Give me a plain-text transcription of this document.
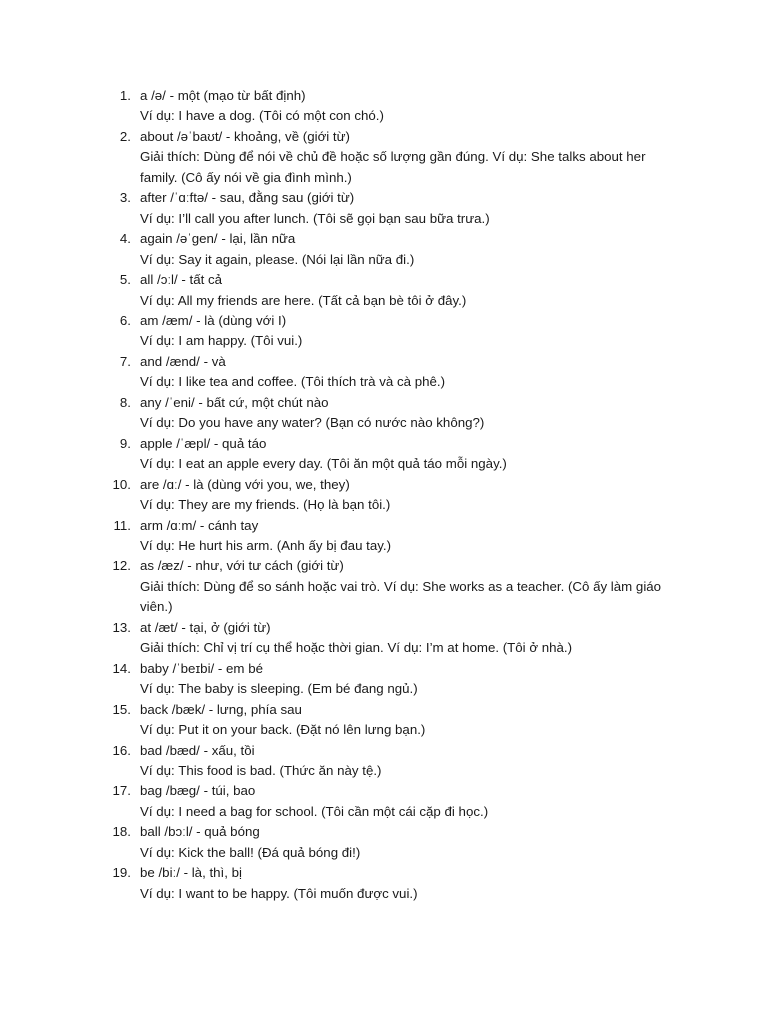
1. a /ə/ - một (mạo từ bất định)
Ví dụ: I have a dog. (Tôi có một con chó.)
2. about /əˈbaʊt/ - khoảng, về (giới từ)
Giải thích: Dùng để nói về chủ đề hoặc số lượng gần đúng. Ví dụ: She talks about her family. (Cô ấy nói về gia đình mình.)
3. after /ˈɑːftə/ - sau, đằng sau (giới từ)
Ví dụ: I’ll call you after lunch. (Tôi sẽ gọi bạn sau bữa trưa.)
4. again /əˈgen/ - lại, lần nữa
Ví dụ: Say it again, please. (Nói lại lần nữa đi.)
5. all /ɔːl/ - tất cả
Ví dụ: All my friends are here. (Tất cả bạn bè tôi ở đây.)
6. am /æm/ - là (dùng với I)
Ví dụ: I am happy. (Tôi vui.)
7. and /ænd/ - và
Ví dụ: I like tea and coffee. (Tôi thích trà và cà phê.)
8. any /ˈeni/ - bất cứ, một chút nào
Ví dụ: Do you have any water? (Bạn có nước nào không?)
9. apple /ˈæpl/ - quả táo
Ví dụ: I eat an apple every day. (Tôi ăn một quả táo mỗi ngày.)
10. are /ɑː/ - là (dùng với you, we, they)
Ví dụ: They are my friends. (Họ là bạn tôi.)
11. arm /ɑːm/ - cánh tay
Ví dụ: He hurt his arm. (Anh ấy bị đau tay.)
12. as /æz/ - như, với tư cách (giới từ)
Giải thích: Dùng để so sánh hoặc vai trò. Ví dụ: She works as a teacher. (Cô ấy làm giáo viên.)
13. at /æt/ - tại, ở (giới từ)
Giải thích: Chỉ vị trí cụ thể hoặc thời gian. Ví dụ: I’m at home. (Tôi ở nhà.)
14. baby /ˈbeɪbi/ - em bé
Ví dụ: The baby is sleeping. (Em bé đang ngủ.)
15. back /bæk/ - lưng, phía sau
Ví dụ: Put it on your back. (Đặt nó lên lưng bạn.)
16. bad /bæd/ - xấu, tồi
Ví dụ: This food is bad. (Thức ăn này tệ.)
17. bag /bæg/ - túi, bao
Ví dụ: I need a bag for school. (Tôi cần một cái cặp đi học.)
18. ball /bɔːl/ - quả bóng
Ví dụ: Kick the ball! (Đá quả bóng đi!)
19. be /biː/ - là, thì, bị
Ví dụ: I want to be happy. (Tôi muốn được vui.)
